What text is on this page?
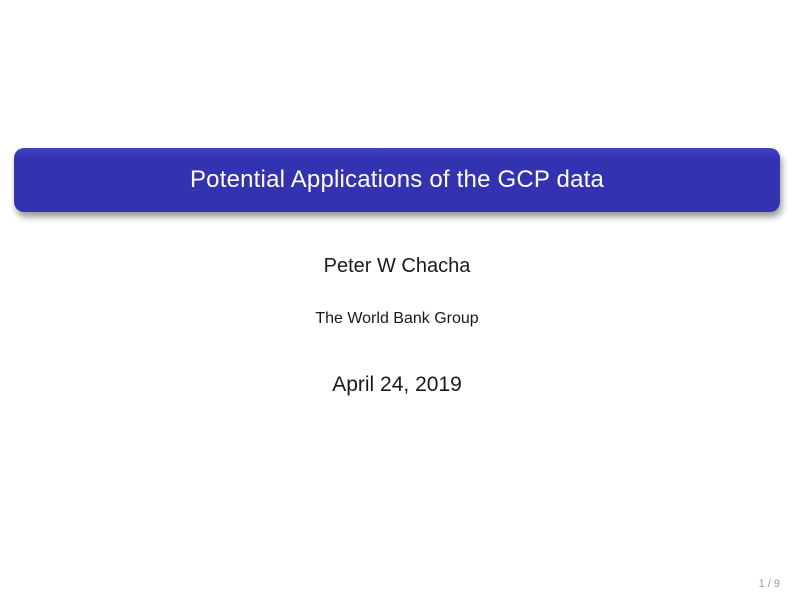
Potential Applications of the GCP data
Peter W Chacha
The World Bank Group
April 24, 2019
1 / 9
